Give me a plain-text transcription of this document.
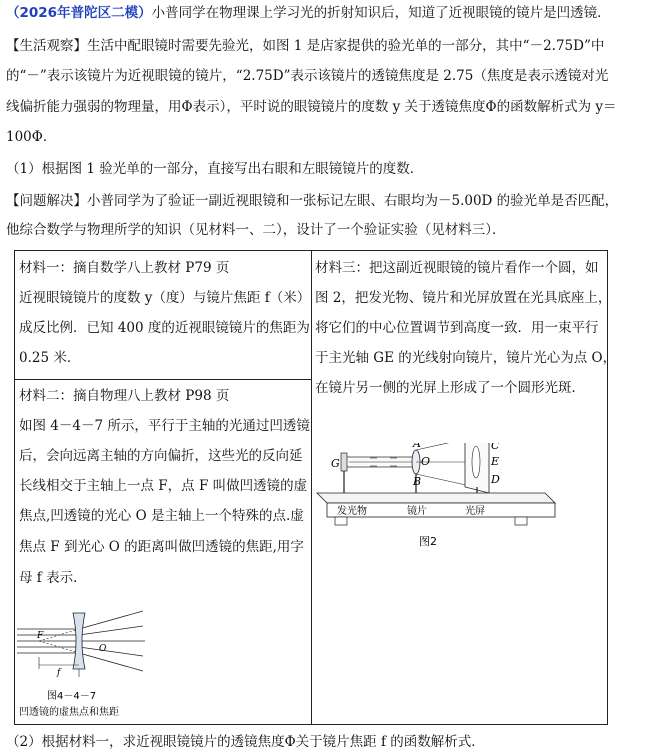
（2026年普陀区二模）小普同学在物理课上学习光的折射知识后，知道了近视眼镜的镜片是凹透镜．
【生活观察】生活中配眼镜时需要先验光，如图 1 是店家提供的验光单的一部分，其中“－2.75D”中
的“－”表示该镜片为近视眼镜的镜片，“2.75D”表示该镜片的透镜焦度是 2.75（焦度是表示透镜对光
线偏折能力强弱的物理量，用Φ表示），平时说的眼镜镜片的度数 y 关于透镜焦度Φ的函数解析式为 y＝
100Φ．
（1）根据图 1 验光单的一部分，直接写出右眼和左眼镜镜片的度数．
【问题解决】小普同学为了验证一副近视眼镜和一张标记左眼、右眼均为－5.00D 的验光单是否匹配，
他综合数学与物理所学的知识（见材料一、二），设计了一个验证实验（见材料三）．
材料一：摘自数学八上教材 P79 页
近视眼镜镜片的度数 y（度）与镜片焦距 f（米）
成反比例．已知 400 度的近视眼镜镜片的焦距为
0.25 米．
材料二：摘自物理八上教材 P98 页
如图 4－4－7 所示，平行于主轴的光通过凹透镜
后，会向远离主轴的方向偏折，这些光的反向延
长线相交于主轴上一点 F，点 F 叫做凹透镜的虚
焦点,凹透镜的光心 O 是主轴上一个特殊的点.虚
焦点 F 到光心 O 的距离叫做凹透镜的焦距,用字
母 f 表示．
F
O
f
图4－4－7
凹透镜的虚焦点和焦距
材料三：把这副近视眼镜的镜片看作一个圆，如
图 2，把发光物、镜片和光屏放置在光具底座上，
将它们的中心位置调节到高度一致．用一束平行
于主光轴 GE 的光线射向镜片，镜片光心为点 O，
在镜片另一侧的光屏上形成了一个圆形光斑．
G
A
O
B
C
E
D
发光物	镜片	光屏
图2
（2）根据材料一，求近视眼镜镜片的透镜焦度Φ关于镜片焦距 f 的函数解析式．
